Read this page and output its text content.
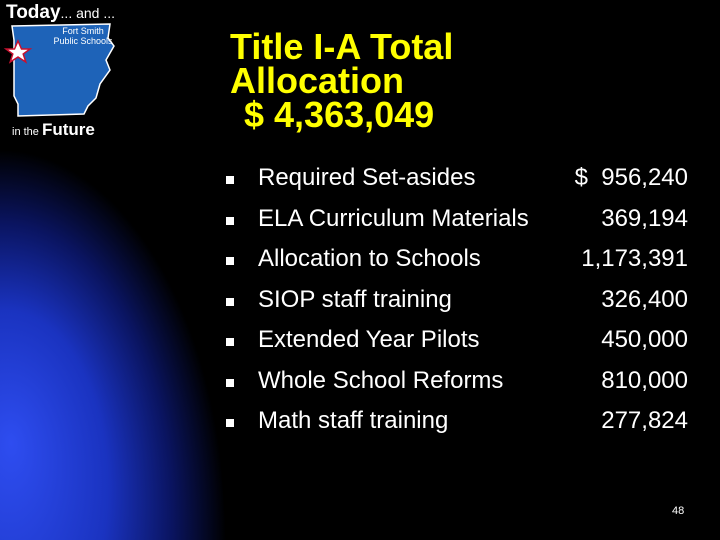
Today... and ...
Fort Smith Public Schools
in the Future
Title I-A Total
Allocation
$ 4,363,049
Required Set-asides	$  956,240
ELA Curriculum Materials	369,194
Allocation to Schools	1,173,391
SIOP staff training	326,400
Extended Year Pilots	450,000
Whole School Reforms	810,000
Math staff training	277,824
48
